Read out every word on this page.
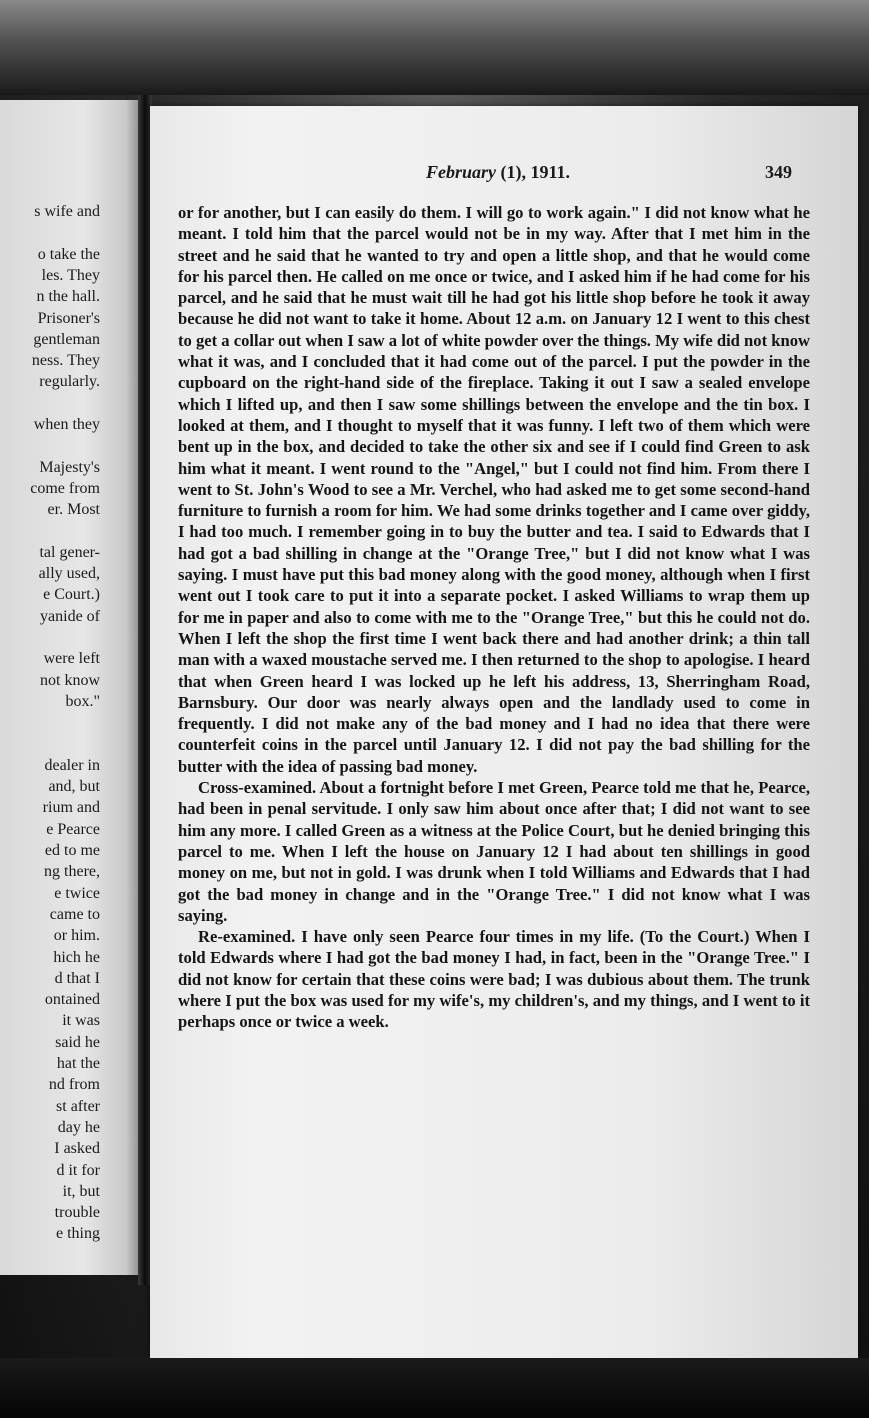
s wife and
o take the
les. They
n the hall.
Prisoner's
gentleman
ness. They
regularly.
when they
Majesty's
come from
er. Most
tal gener-
ally used,
e Court.)
yanide of
were left
not know
box."
dealer in
and, but
rium and
e Pearce
ed to me
ng there,
e twice
came to
or him.
hich he
d that I
ontained
it was
said he
hat the
nd from
st after
day he
I asked
d it for
it, but
trouble
e thing
February (1), 1911.	349

or for another, but I can easily do them. I will go to work again." I did not know what he meant. I told him that the parcel would not be in my way. After that I met him in the street and he said that he wanted to try and open a little shop, and that he would come for his parcel then. He called on me once or twice, and I asked him if he had come for his parcel, and he said that he must wait till he had got his little shop before he took it away because he did not want to take it home. About 12 a.m. on January 12 I went to this chest to get a collar out when I saw a lot of white powder over the things. My wife did not know what it was, and I concluded that it had come out of the parcel. I put the powder in the cupboard on the right-hand side of the fireplace. Taking it out I saw a sealed envelope which I lifted up, and then I saw some shillings between the envelope and the tin box. I looked at them, and I thought to myself that it was funny. I left two of them which were bent up in the box, and decided to take the other six and see if I could find Green to ask him what it meant. I went round to the "Angel," but I could not find him. From there I went to St. John's Wood to see a Mr. Verchel, who had asked me to get some second-hand furniture to furnish a room for him. We had some drinks together and I came over giddy, I had too much. I remember going in to buy the butter and tea. I said to Edwards that I had got a bad shilling in change at the "Orange Tree," but I did not know what I was saying. I must have put this bad money along with the good money, although when I first went out I took care to put it into a separate pocket. I asked Williams to wrap them up for me in paper and also to come with me to the "Orange Tree," but this he could not do. When I left the shop the first time I went back there and had another drink; a thin tall man with a waxed moustache served me. I then returned to the shop to apologise. I heard that when Green heard I was locked up he left his address, 13, Sherringham Road, Barnsbury. Our door was nearly always open and the landlady used to come in frequently. I did not make any of the bad money and I had no idea that there were counterfeit coins in the parcel until January 12. I did not pay the bad shilling for the butter with the idea of passing bad money.

Cross-examined. About a fortnight before I met Green, Pearce told me that he, Pearce, had been in penal servitude. I only saw him about once after that; I did not want to see him any more. I called Green as a witness at the Police Court, but he denied bringing this parcel to me. When I left the house on January 12 I had about ten shillings in good money on me, but not in gold. I was drunk when I told Williams and Edwards that I had got the bad money in change and in the "Orange Tree." I did not know what I was saying.

Re-examined. I have only seen Pearce four times in my life. (To the Court.) When I told Edwards where I had got the bad money I had, in fact, been in the "Orange Tree." I did not know for certain that these coins were bad; I was dubious about them. The trunk where I put the box was used for my wife's, my children's, and my things, and I went to it perhaps once or twice a week.
